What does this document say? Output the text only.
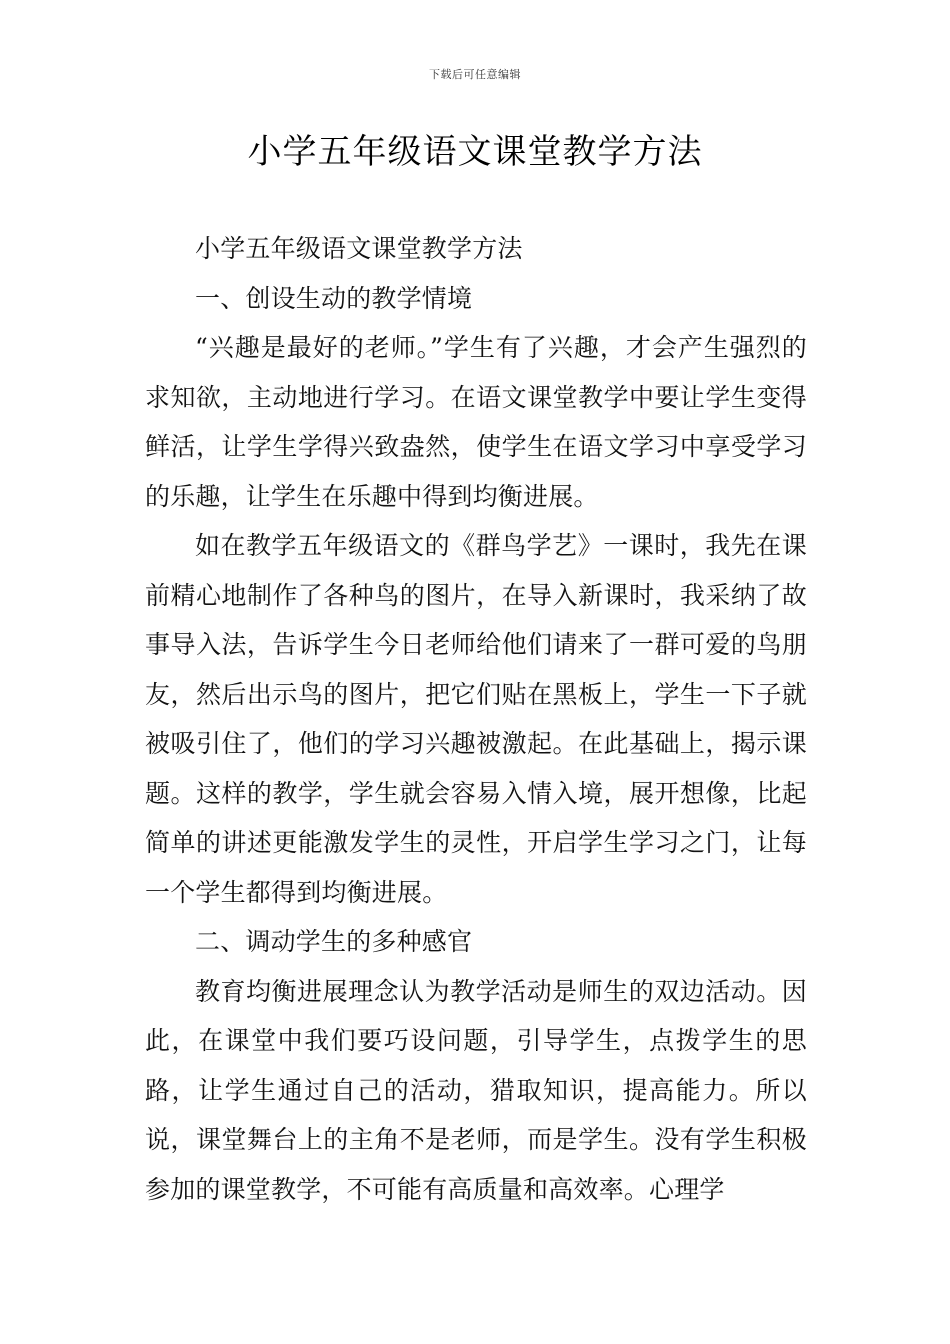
下载后可任意编辑
小学五年级语文课堂教学方法

小学五年级语文课堂教学方法

一、创设生动的教学情境

“兴趣是最好的老师。”学生有了兴趣，才会产生强烈的求知欲，主动地进行学习。在语文课堂教学中要让学生变得鲜活，让学生学得兴致盎然，使学生在语文学习中享受学习的乐趣，让学生在乐趣中得到均衡进展。

如在教学五年级语文的《群鸟学艺》一课时，我先在课前精心地制作了各种鸟的图片，在导入新课时，我采纳了故事导入法，告诉学生今日老师给他们请来了一群可爱的鸟朋友，然后出示鸟的图片，把它们贴在黑板上，学生一下子就被吸引住了，他们的学习兴趣被激起。在此基础上，揭示课题。这样的教学，学生就会容易入情入境，展开想像，比起简单的讲述更能激发学生的灵性，开启学生学习之门，让每一个学生都得到均衡进展。

二、调动学生的多种感官

教育均衡进展理念认为教学活动是师生的双边活动。因此，在课堂中我们要巧设问题，引导学生，点拨学生的思路，让学生通过自己的活动，猎取知识，提高能力。所以说，课堂舞台上的主角不是老师，而是学生。没有学生积极参加的课堂教学，不可能有高质量和高效率。心理学
